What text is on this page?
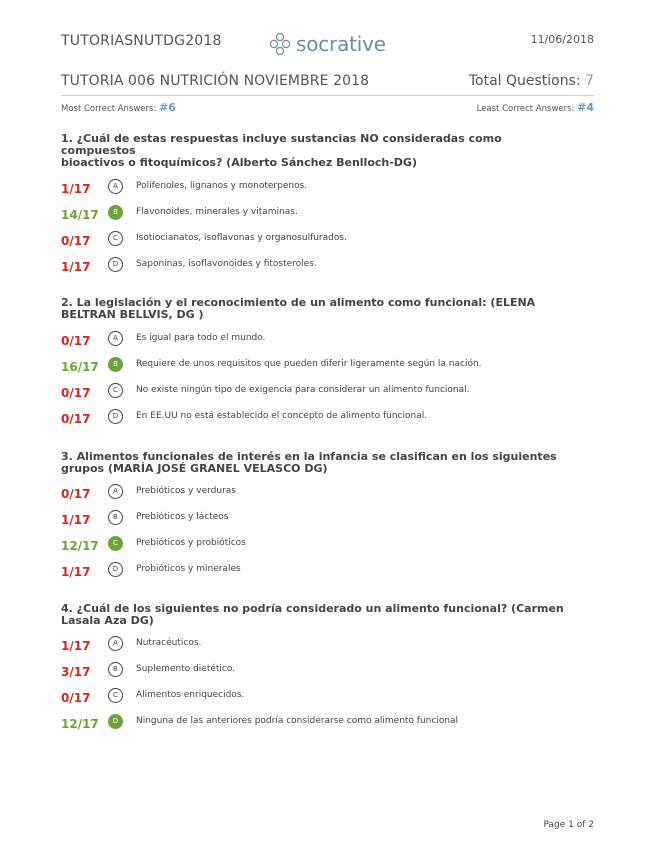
TUTORIASNUTDG2018	socrative	11/06/2018
TUTORIA 006 NUTRICIÓN NOVIEMBRE 2018	Total Questions: 7
Most Correct Answers: #6	Least Correct Answers: #4

1. ¿Cuál de estas respuestas incluye sustancias NO consideradas como

compuestos

bioactivos o fitoquímicos? (Alberto Sánchez Benlloch-DG)

1/17	A	Polifenoles, lignanos y monoterpenos.
14/17	B	Flavonoides, minerales y vitaminas.
0/17	C	Isotiocianatos, isoflavonas y organosulfurados.
1/17	D	Saponinas, isoflavonoides y fitosteroles.

2. La legislación y el reconocimiento de un alimento como funcional: (ELENA

BELTRAN BELLVIS, DG )

0/17	A	Es igual para todo el mundo.
16/17	B	Requiere de unos requisitos que pueden diferir ligeramente según la nación.
0/17	C	No existe ningún tipo de exigencia para considerar un alimento funcional.
0/17	D	En EE.UU no está establecido el concepto de alimento funcional.

3. Alimentos funcionales de interés en la infancia se clasifican en los siguientes

grupos (MARÍA JOSÉ GRANEL VELASCO DG)

0/17	A	Prebióticos y verduras
1/17	B	Prebióticos y lácteos
12/17	C	Prebióticos y probióticos
1/17	D	Probióticos y minerales

4. ¿Cuál de los siguientes no podría considerado un alimento funcional? (Carmen

Lasala Aza DG)

1/17	A	Nutracéuticos.
3/17	B	Suplemento dietético.
0/17	C	Alimentos enriquecidos.
12/17	D	Ninguna de las anteriores podría considerarse como alimento funcional
Page 1 of 2
